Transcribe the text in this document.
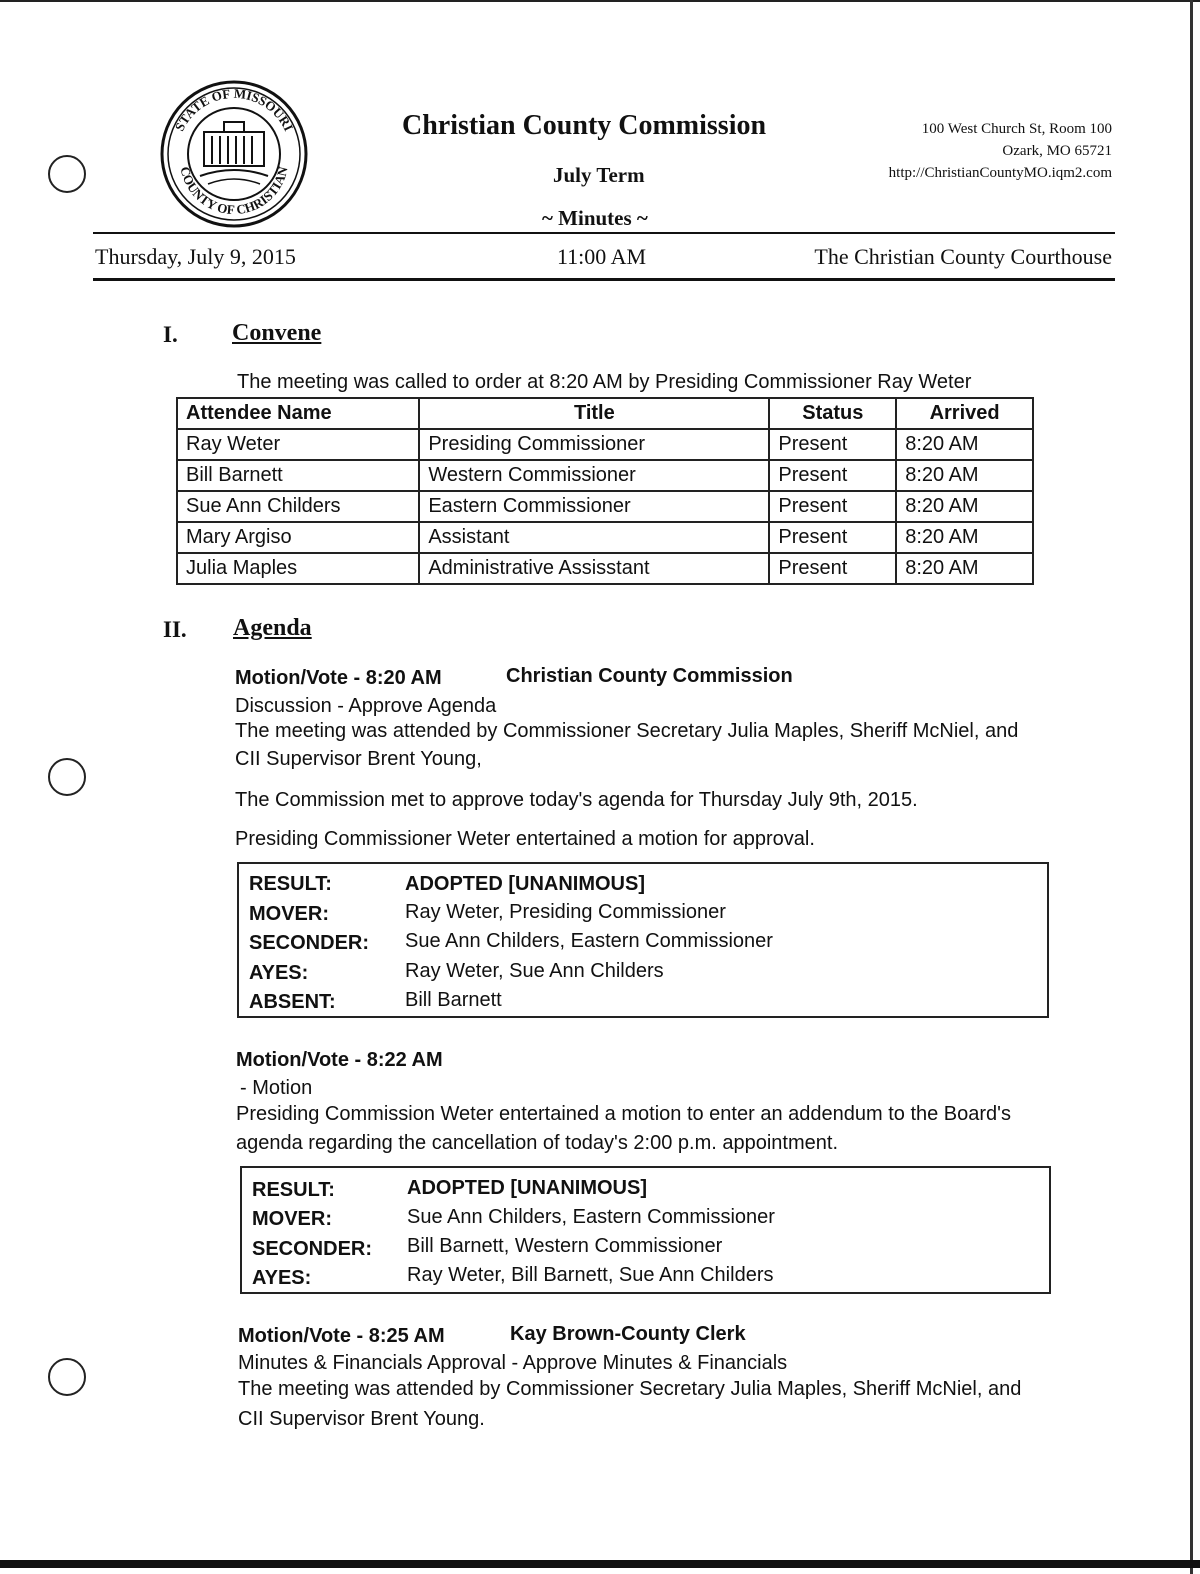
STATE OF MISSOURI
COUNTY OF CHRISTIAN
Christian County Commission
July Term
~ Minutes ~
100 West Church St, Room 100
Ozark, MO 65721
http://ChristianCountyMO.iqm2.com
Thursday, July 9, 2015	11:00 AM	The Christian County Courthouse
I. Convene
The meeting was called to order at 8:20 AM by Presiding Commissioner Ray Weter
Attendee Name	Title	Status	Arrived
Ray Weter	Presiding Commissioner	Present	8:20 AM
Bill Barnett	Western Commissioner	Present	8:20 AM
Sue Ann Childers	Eastern Commissioner	Present	8:20 AM
Mary Argiso	Assistant	Present	8:20 AM
Julia Maples	Administrative Assisstant	Present	8:20 AM
II. Agenda
Motion/Vote - 8:20 AM	Christian County Commission
Discussion - Approve Agenda
The meeting was attended by Commissioner Secretary Julia Maples, Sheriff McNiel, and
CII Supervisor Brent Young,
The Commission met to approve today's agenda for Thursday July 9th, 2015.
Presiding Commissioner Weter entertained a motion for approval.
RESULT:	ADOPTED [UNANIMOUS]
MOVER:	Ray Weter, Presiding Commissioner
SECONDER: Sue Ann Childers, Eastern Commissioner
AYES:	Ray Weter, Sue Ann Childers
ABSENT:	Bill Barnett
Motion/Vote - 8:22 AM
- Motion
Presiding Commission Weter entertained a motion to enter an addendum to the Board's
agenda regarding the cancellation of today's 2:00 p.m. appointment.
RESULT:	ADOPTED [UNANIMOUS]
MOVER:	Sue Ann Childers, Eastern Commissioner
SECONDER: Bill Barnett, Western Commissioner
AYES:	Ray Weter, Bill Barnett, Sue Ann Childers
Motion/Vote - 8:25 AM	Kay Brown-County Clerk
Minutes & Financials Approval - Approve Minutes & Financials
The meeting was attended by Commissioner Secretary Julia Maples, Sheriff McNiel, and
CII Supervisor Brent Young.
